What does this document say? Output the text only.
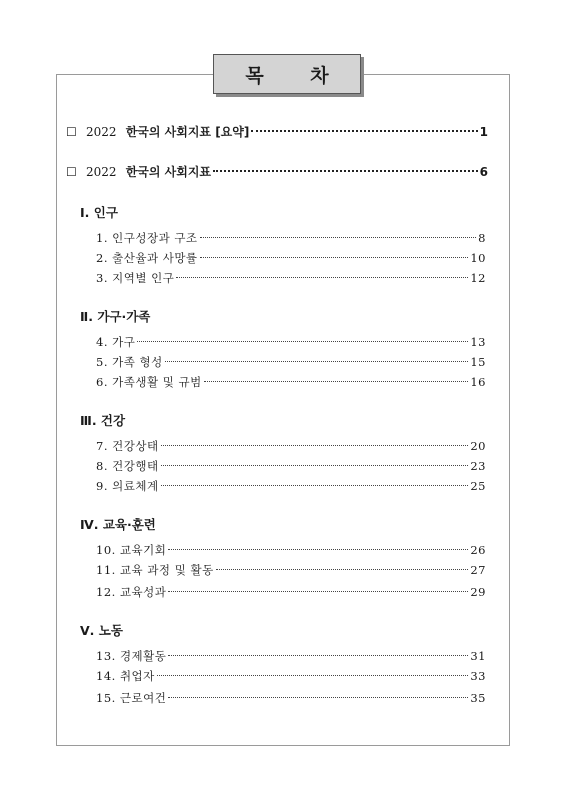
목 차
☐ 2022 한국의 사회지표 [요약]	1
☐ 2022 한국의 사회지표	6
Ⅰ. 인구
1. 인구성장과 구조	8
2. 출산율과 사망률	10
3. 지역별 인구	12
Ⅱ. 가구·가족
4. 가구	13
5. 가족 형성	15
6. 가족생활 및 규범	16
Ⅲ. 건강
7. 건강상태	20
8. 건강행태	23
9. 의료체계	25
Ⅳ. 교육·훈련
10. 교육기회	26
11. 교육 과정 및 활동	27
12. 교육성과	29
Ⅴ. 노동
13. 경제활동	31
14. 취업자	33
15. 근로여건	35
